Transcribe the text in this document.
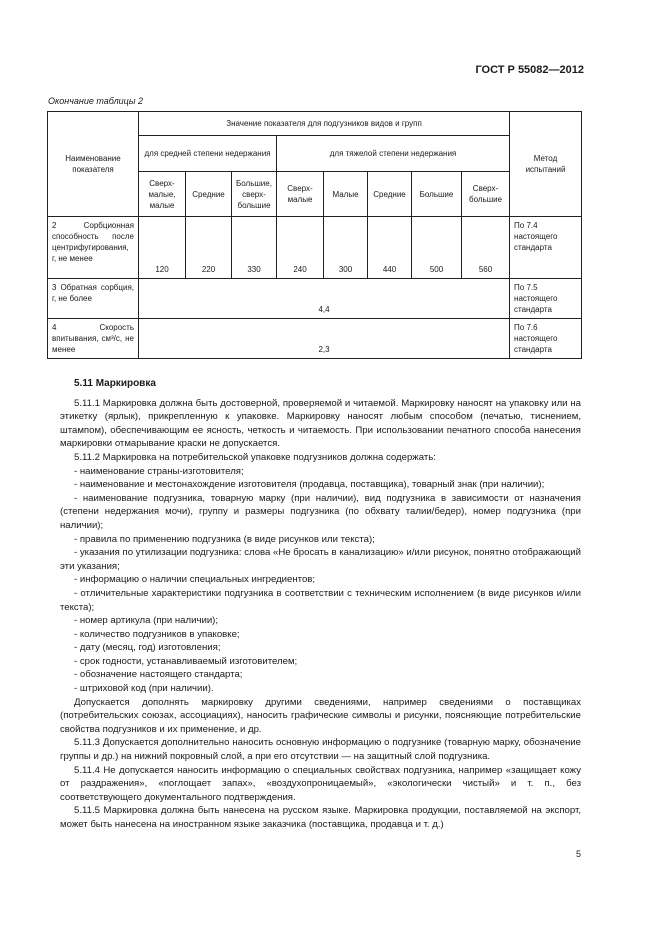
ГОСТ Р 55082—2012
Окончание таблицы 2
Наименование показателя	Значение показателя для подгузников видов и групп								Метод испытаний
	для средней степени недержания			для тяжелой степени недержания					
	Сверх-малые, малые	Средние	Большие, сверх-большие	Сверх-малые	Малые	Средние	Большие	Сверх-большие	
2 Сорбционная способность после центрифугирования, г, не менее	120	220	330	240	300	440	500	560	По 7.4 настоящего стандарта
3 Обратная сорбция, г, не более	4,4								По 7.5 настоящего стандарта
4 Скорость впитывания, см³/с, не менее	2,3								По 7.6 настоящего стандарта

5.11 Маркировка

5.11.1 Маркировка должна быть достоверной, проверяемой и читаемой. Маркировку наносят на упаковку или на этикетку (ярлык), прикрепленную к упаковке. Маркировку наносят любым способом (печатью, тиснением, штампом), обеспечивающим ее ясность, четкость и читаемость. При использовании печатного способа нанесения маркировки отмарывание краски не допускается.

5.11.2 Маркировка на потребительской упаковке подгузников должна содержать:

- наименование страны-изготовителя;

- наименование и местонахождение изготовителя (продавца, поставщика), товарный знак (при наличии);

- наименование подгузника, товарную марку (при наличии), вид подгузника в зависимости от назначения (степени недержания мочи), группу и размеры подгузника (по обхвату талии/бедер), номер подгузника (при наличии);

- правила по применению подгузника (в виде рисунков или текста);

- указания по утилизации подгузника: слова «Не бросать в канализацию» и/или рисунок, понятно отображающий эти указания;

- информацию о наличии специальных ингредиентов;

- отличительные характеристики подгузника в соответствии с техническим исполнением (в виде рисунков и/или текста);

- номер артикула (при наличии);

- количество подгузников в упаковке;

- дату (месяц, год) изготовления;

- срок годности, устанавливаемый изготовителем;

- обозначение настоящего стандарта;

- штриховой код (при наличии).

Допускается дополнять маркировку другими сведениями, например сведениями о поставщиках (потребительских союзах, ассоциациях), наносить графические символы и рисунки, поясняющие потребительские свойства подгузников и их применение, и др.

5.11.3 Допускается дополнительно наносить основную информацию о подгузнике (товарную марку, обозначение группы и др.) на нижний покровный слой, а при его отсутствии — на защитный слой подгузника.

5.11.4 Не допускается наносить информацию о специальных свойствах подгузника, например «защищает кожу от раздражения», «поглощает запах», «воздухопроницаемый», «экологически чистый» и т. п., без соответствующего документального подтверждения.

5.11.5 Маркировка должна быть нанесена на русском языке. Маркировка продукции, поставляемой на экспорт, может быть нанесена на иностранном языке заказчика (поставщика, продавца и т. д.)

5
